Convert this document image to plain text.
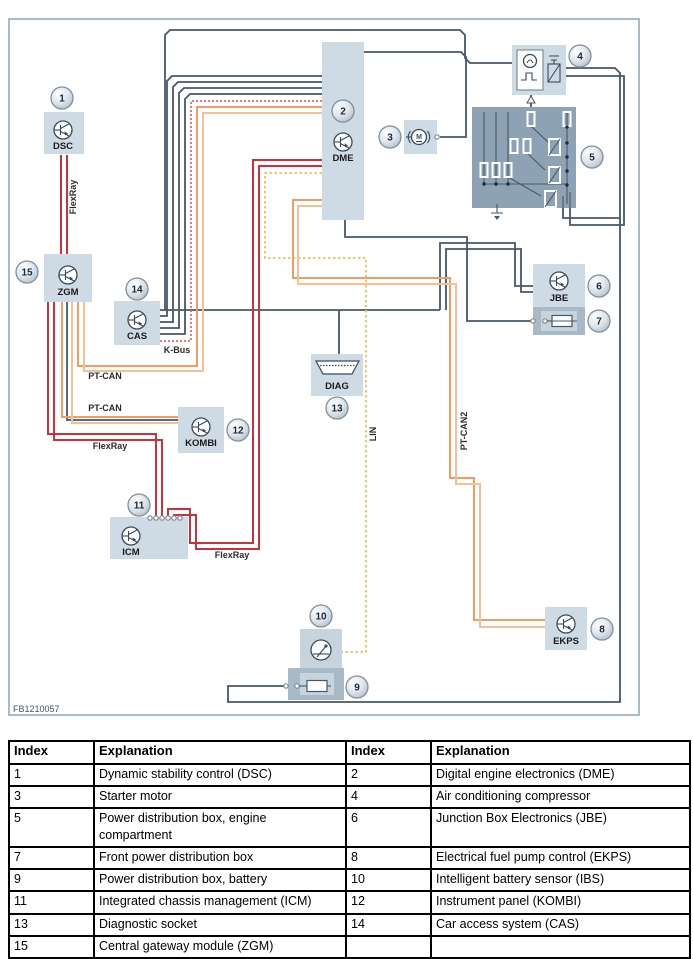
DSC
ZGM
CAS
KOMBI
ICM
DME
M
JBE
EKPS
DIAG
1
2
3
4
5
6
7
8
9
10
11
12
13
14
15
FlexRay
PT-CAN
PT-CAN
K-Bus
FlexRay
FlexRay
LIN	PT-CAN2
FB1210057
Index	Explanation	Index	Explanation
1	Dynamic stability control (DSC)	2	Digital engine electronics (DME)
3	Starter motor	4	Air conditioning compressor
5	Power distribution box, engine compartment	6	Junction Box Electronics (JBE)
7	Front power distribution box	8	Electrical fuel pump control (EKPS)
9	Power distribution box, battery	10	Intelligent battery sensor (IBS)
11	Integrated chassis management (ICM)	12	Instrument panel (KOMBI)
13	Diagnostic socket	14	Car access system (CAS)
15	Central gateway module (ZGM)		
